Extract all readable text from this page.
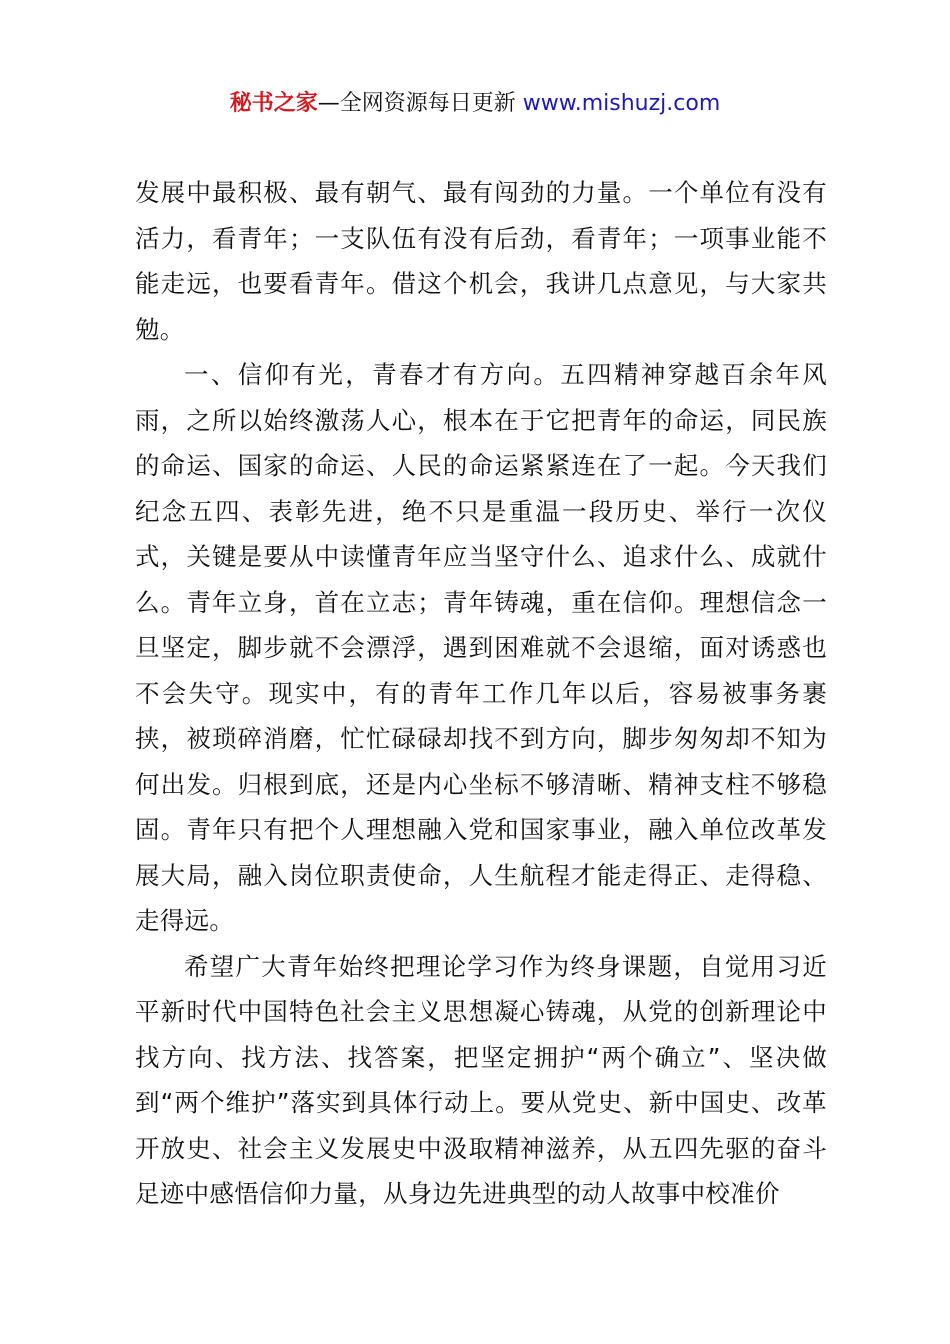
秘书之家—全网资源每日更新 www.mishuzj.com

发展中最积极、最有朝气、最有闯劲的力量。一个单位有没有活力，看青年；一支队伍有没有后劲，看青年；一项事业能不能走远，也要看青年。借这个机会，我讲几点意见，与大家共勉。

一、信仰有光，青春才有方向。五四精神穿越百余年风雨，之所以始终激荡人心，根本在于它把青年的命运，同民族的命运、国家的命运、人民的命运紧紧连在了一起。今天我们纪念五四、表彰先进，绝不只是重温一段历史、举行一次仪式，关键是要从中读懂青年应当坚守什么、追求什么、成就什么。青年立身，首在立志；青年铸魂，重在信仰。理想信念一旦坚定，脚步就不会漂浮，遇到困难就不会退缩，面对诱惑也不会失守。现实中，有的青年工作几年以后，容易被事务裹挟，被琐碎消磨，忙忙碌碌却找不到方向，脚步匆匆却不知为何出发。归根到底，还是内心坐标不够清晰、精神支柱不够稳固。青年只有把个人理想融入党和国家事业，融入单位改革发展大局，融入岗位职责使命，人生航程才能走得正、走得稳、走得远。

希望广大青年始终把理论学习作为终身课题，自觉用习近平新时代中国特色社会主义思想凝心铸魂，从党的创新理论中找方向、找方法、找答案，把坚定拥护“两个确立”、坚决做到“两个维护”落实到具体行动上。要从党史、新中国史、改革开放史、社会主义发展史中汲取精神滋养，从五四先驱的奋斗足迹中感悟信仰力量，从身边先进典型的动人故事中校准价
